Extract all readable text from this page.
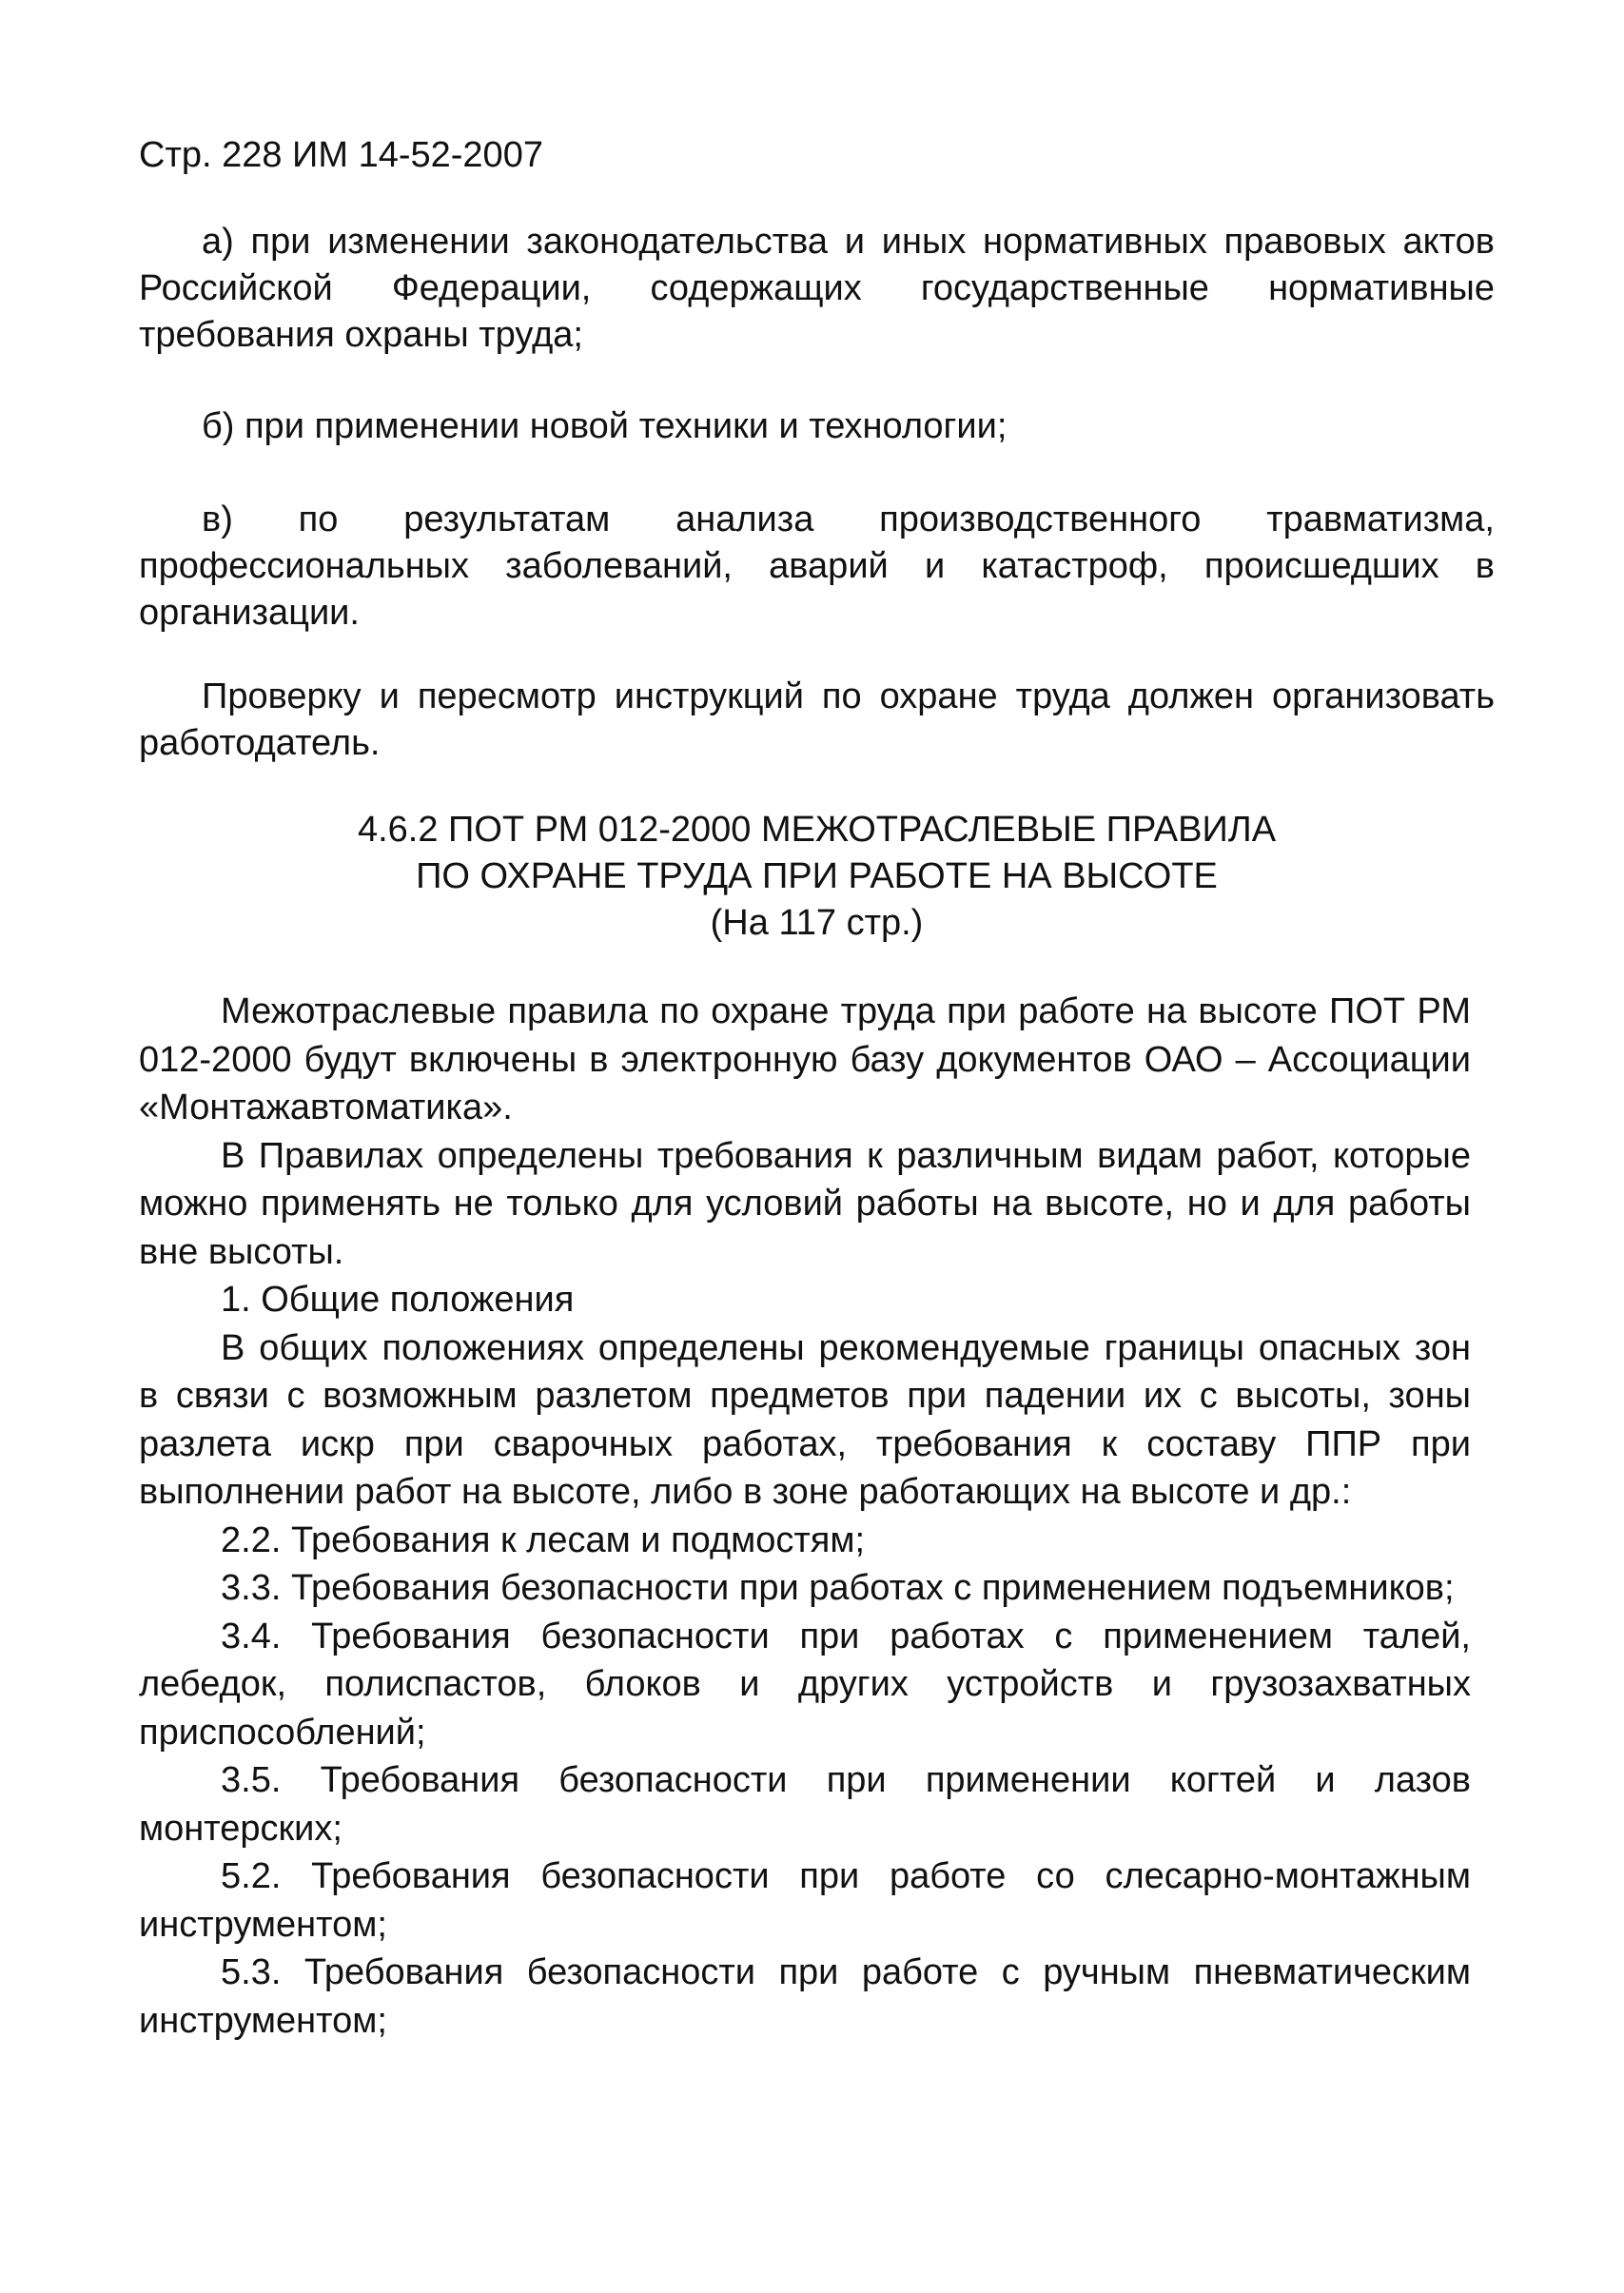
Стр. 228 ИМ 14-52-2007

а) при изменении законодательства и иных нормативных правовых актов Российской Федерации, содержащих государственные нормативные требования охраны труда;

б) при применении новой техники и технологии;

в) по результатам анализа производственного травматизма, профессиональных заболеваний, аварий и катастроф, происшедших в организации.

Проверку и пересмотр инструкций по охране труда должен организовать работодатель.

4.6.2 ПОТ РМ 012-2000 МЕЖОТРАСЛЕВЫЕ ПРАВИЛА
ПО ОХРАНЕ ТРУДА ПРИ РАБОТЕ НА ВЫСОТЕ
(На 117 стр.)

Межотраслевые правила по охране труда при работе на высоте ПОТ РМ 012-2000 будут включены в электронную базу документов ОАО – Ассоциации «Монтажавтоматика».

В Правилах определены требования к различным видам работ, которые можно применять не только для условий работы на высоте, но и для работы вне высоты.

1. Общие положения

В общих положениях определены рекомендуемые границы опасных зон в связи с возможным разлетом предметов при падении их с высоты, зоны разлета искр при сварочных работах, требования к составу ППР при выполнении работ на высоте, либо в зоне работающих на высоте и др.:

2.2. Требования к лесам и подмостям;

3.3. Требования безопасности при работах с применением подъемников;

3.4. Требования безопасности при работах с применением талей, лебедок, полиспастов, блоков и других устройств и грузозахватных приспособлений;

3.5. Требования безопасности при применении когтей и лазов монтерских;

5.2. Требования безопасности при работе со слесарно-монтажным инструментом;

5.3. Требования безопасности при работе с ручным пневматическим инструментом;
